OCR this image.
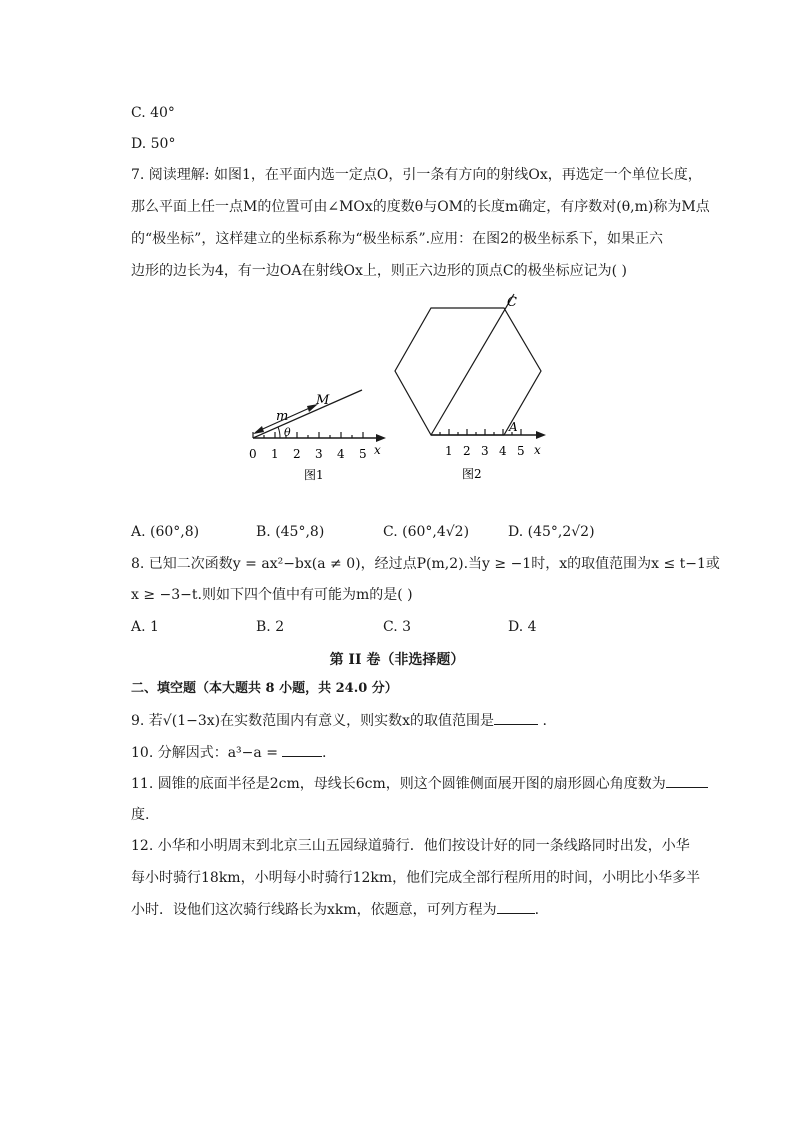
C. 40°
D. 50°
7. 阅读理解: 如图1，在平面内选一定点O，引一条有方向的射线Ox，再选定一个单位长度，
那么平面上任一点M的位置可由∠MOx的度数θ与OM的长度m确定，有序数对(θ,m)称为M点
的“极坐标”，这样建立的坐标系称为“极坐标系”.应用：在图2的极坐标系下，如果正六
边形的边长为4，有一边OA在射线Ox上，则正六边形的顶点C的极坐标应记为( )
m
M
θ
0 1 2 3 4 5 x
图1
1 2 3 4 5 x
A
C
图2
A. (60°,8)	B. (45°,8)	C. (60°,4√2)	D. (45°,2√2)
8. 已知二次函数y = ax²−bx(a ≠ 0)，经过点P(m,2).当y ≥ −1时，x的取值范围为x ≤ t−1或
x ≥ −3−t.则如下四个值中有可能为m的是( )
A. 1	B. 2	C. 3	D. 4
第 II 卷（非选择题）
二、填空题（本大题共 8 小题，共 24.0 分）
9. 若√(1−3x)在实数范围内有意义，则实数x的取值范围是	.
10. 分解因式：a³−a =	.
11. 圆锥的底面半径是2cm，母线长6cm，则这个圆锥侧面展开图的扇形圆心角度数为
度.
12. 小华和小明周末到北京三山五园绿道骑行．他们按设计好的同一条线路同时出发，小华
每小时骑行18km，小明每小时骑行12km，他们完成全部行程所用的时间，小明比小华多半
小时．设他们这次骑行线路长为xkm，依题意，可列方程为	.
